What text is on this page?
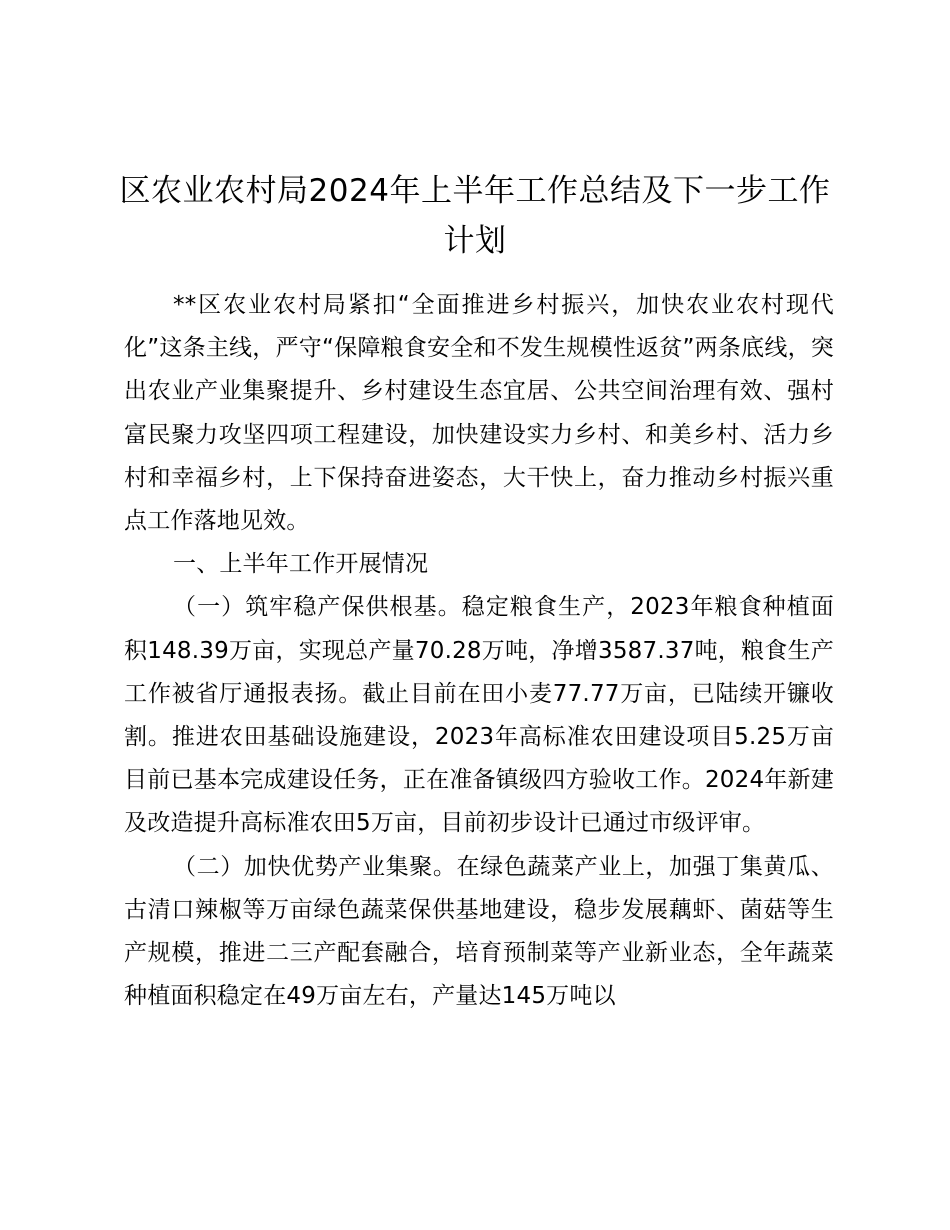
区农业农村局2024年上半年工作总结及下一步工作计划

**区农业农村局紧扣“全面推进乡村振兴，加快农业农村现代化”这条主线，严守“保障粮食安全和不发生规模性返贫”两条底线，突出农业产业集聚提升、乡村建设生态宜居、公共空间治理有效、强村富民聚力攻坚四项工程建设，加快建设实力乡村、和美乡村、活力乡村和幸福乡村，上下保持奋进姿态，大干快上，奋力推动乡村振兴重点工作落地见效。

一、上半年工作开展情况

（一）筑牢稳产保供根基。稳定粮食生产，2023年粮食种植面积148.39万亩，实现总产量70.28万吨，净增3587.37吨，粮食生产工作被省厅通报表扬。截止目前在田小麦77.77万亩，已陆续开镰收割。推进农田基础设施建设，2023年高标准农田建设项目5.25万亩目前已基本完成建设任务，正在准备镇级四方验收工作。2024年新建及改造提升高标准农田5万亩，目前初步设计已通过市级评审。

（二）加快优势产业集聚。在绿色蔬菜产业上，加强丁集黄瓜、古清口辣椒等万亩绿色蔬菜保供基地建设，稳步发展藕虾、菌菇等生产规模，推进二三产配套融合，培育预制菜等产业新业态，全年蔬菜种植面积稳定在49万亩左右，产量达145万吨以
